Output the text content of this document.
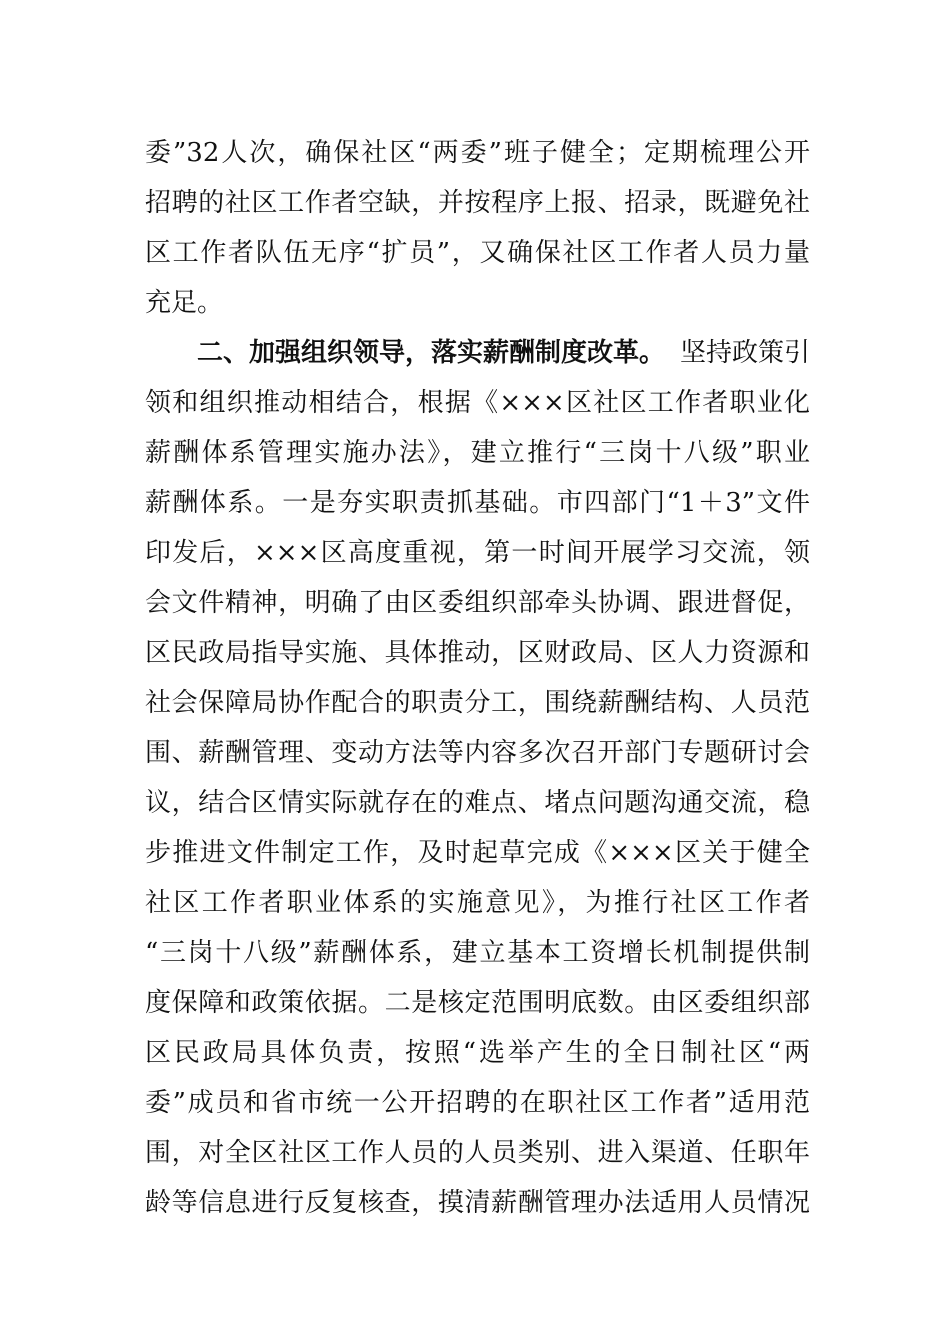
委”32人次，确保社区“两委”班子健全；定期梳理公开
招聘的社区工作者空缺，并按程序上报、招录，既避免社
区工作者队伍无序“扩员”，又确保社区工作者人员力量
充足。
二、加强组织领导，落实薪酬制度改革。 坚持政策引
领和组织推动相结合，根据《×××区社区工作者职业化
薪酬体系管理实施办法》，建立推行“三岗十八级”职业
薪酬体系。一是夯实职责抓基础。市四部门“1＋3”文件
印发后，×××区高度重视，第一时间开展学习交流，领
会文件精神，明确了由区委组织部牵头协调、跟进督促，
区民政局指导实施、具体推动，区财政局、区人力资源和
社会保障局协作配合的职责分工，围绕薪酬结构、人员范
围、薪酬管理、变动方法等内容多次召开部门专题研讨会
议，结合区情实际就存在的难点、堵点问题沟通交流，稳
步推进文件制定工作，及时起草完成《×××区关于健全
社区工作者职业体系的实施意见》，为推行社区工作者
“三岗十八级”薪酬体系，建立基本工资增长机制提供制
度保障和政策依据。二是核定范围明底数。由区委组织部
区民政局具体负责，按照“选举产生的全日制社区“两
委”成员和省市统一公开招聘的在职社区工作者”适用范
围，对全区社区工作人员的人员类别、进入渠道、任职年
龄等信息进行反复核查，摸清薪酬管理办法适用人员情况
